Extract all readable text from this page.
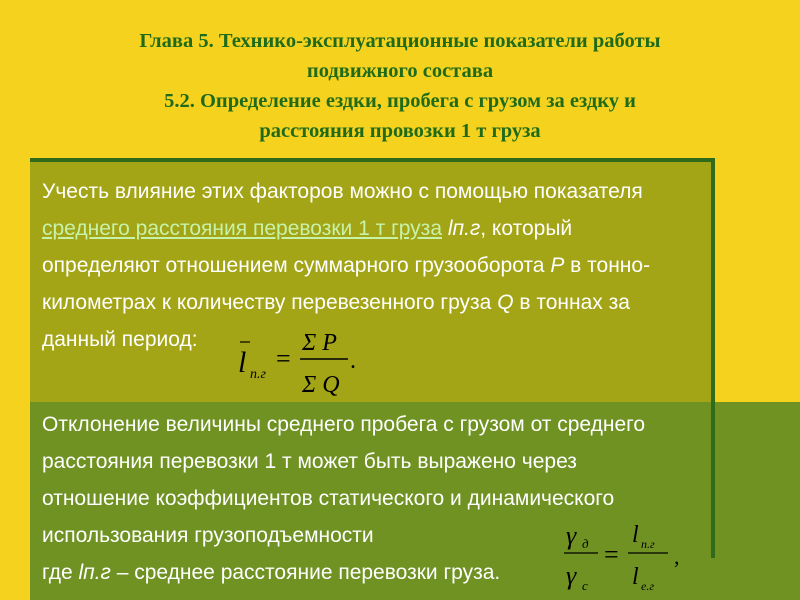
Глава 5. Технико-эксплуатационные показатели работы
подвижного состава
5.2. Определение ездки, пробега с грузом за ездку и
расстояния провозки 1 т груза
Учесть влияние этих факторов можно с помощью показателя
среднего расстояния перевозки 1 т груза lп.г, который
определяют отношением суммарного грузооборота P в тонно-
километрах к количеству перевезенного груза Q в тоннах за
данный период:
l п.г
=
Σ P
Σ Q
.
Отклонение величины среднего пробега с грузом от среднего
расстояния перевозки 1 т может быть выражено через
отношение коэффициентов статического и динамического
использования грузоподъемности
где lп.г – среднее расстояние перевозки груза.
γ д
γ c
=
l п.г
l е.г
,
